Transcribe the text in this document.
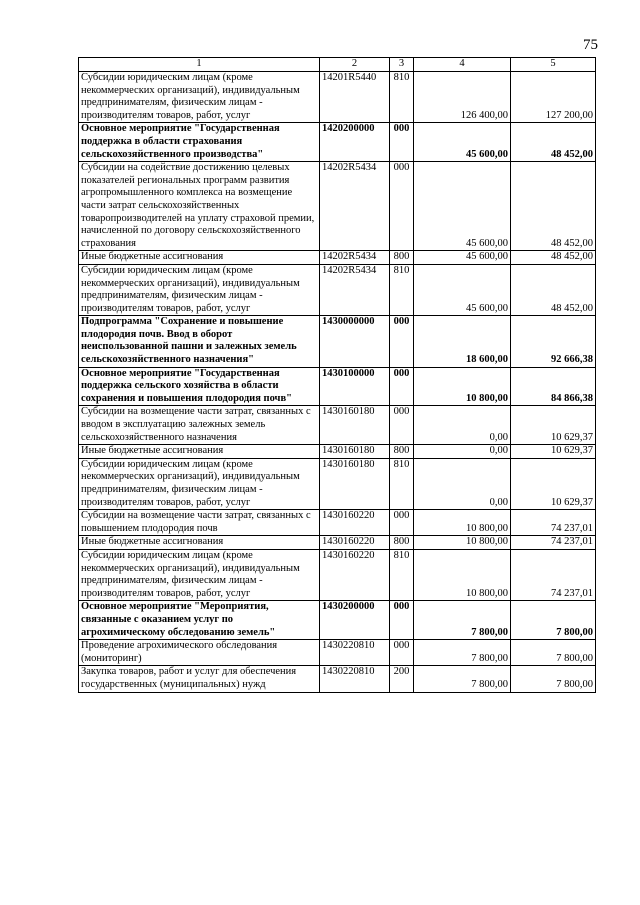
75
1	2	3	4	5
Субсидии юридическим лицам (кроме некоммерческих организаций), индивидуальным предпринимателям, физическим лицам - производителям товаров, работ, услуг	14201R5440	810	126 400,00	127 200,00
Основное мероприятие "Государственная поддержка в области страхования сельскохозяйственного производства"	1420200000	000	45 600,00	48 452,00
Субсидии на содействие достижению целевых показателей региональных программ развития агропромышленного комплекса на возмещение части затрат сельскохозяйственных товаропроизводителей на уплату страховой премии, начисленной по договору сельскохозяйственного страхования	14202R5434	000	45 600,00	48 452,00
Иные бюджетные ассигнования	14202R5434	800	45 600,00	48 452,00
Субсидии юридическим лицам (кроме некоммерческих организаций), индивидуальным предпринимателям, физическим лицам - производителям товаров, работ, услуг	14202R5434	810	45 600,00	48 452,00
Подпрограмма "Сохранение и повышение плодородия почв. Ввод в оборот неиспользованной пашни и залежных земель сельскохозяйственного назначения"	1430000000	000	18 600,00	92 666,38
Основное мероприятие "Государственная поддержка сельского хозяйства в области сохранения и повышения плодородия почв"	1430100000	000	10 800,00	84 866,38
Субсидии на возмещение части затрат, связанных с вводом в эксплуатацию залежных земель сельскохозяйственного назначения	1430160180	000	0,00	10 629,37
Иные бюджетные ассигнования	1430160180	800	0,00	10 629,37
Субсидии юридическим лицам (кроме некоммерческих организаций), индивидуальным предпринимателям, физическим лицам - производителям товаров, работ, услуг	1430160180	810	0,00	10 629,37
Субсидии на возмещение части затрат, связанных с повышением плодородия почв	1430160220	000	10 800,00	74 237,01
Иные бюджетные ассигнования	1430160220	800	10 800,00	74 237,01
Субсидии юридическим лицам (кроме некоммерческих организаций), индивидуальным предпринимателям, физическим лицам - производителям товаров, работ, услуг	1430160220	810	10 800,00	74 237,01
Основное мероприятие "Мероприятия, связанные с оказанием услуг по агрохимическому обследованию земель"	1430200000	000	7 800,00	7 800,00
Проведение агрохимического обследования (мониторинг)	1430220810	000	7 800,00	7 800,00
Закупка товаров, работ и услуг для обеспечения государственных (муниципальных) нужд	1430220810	200	7 800,00	7 800,00
